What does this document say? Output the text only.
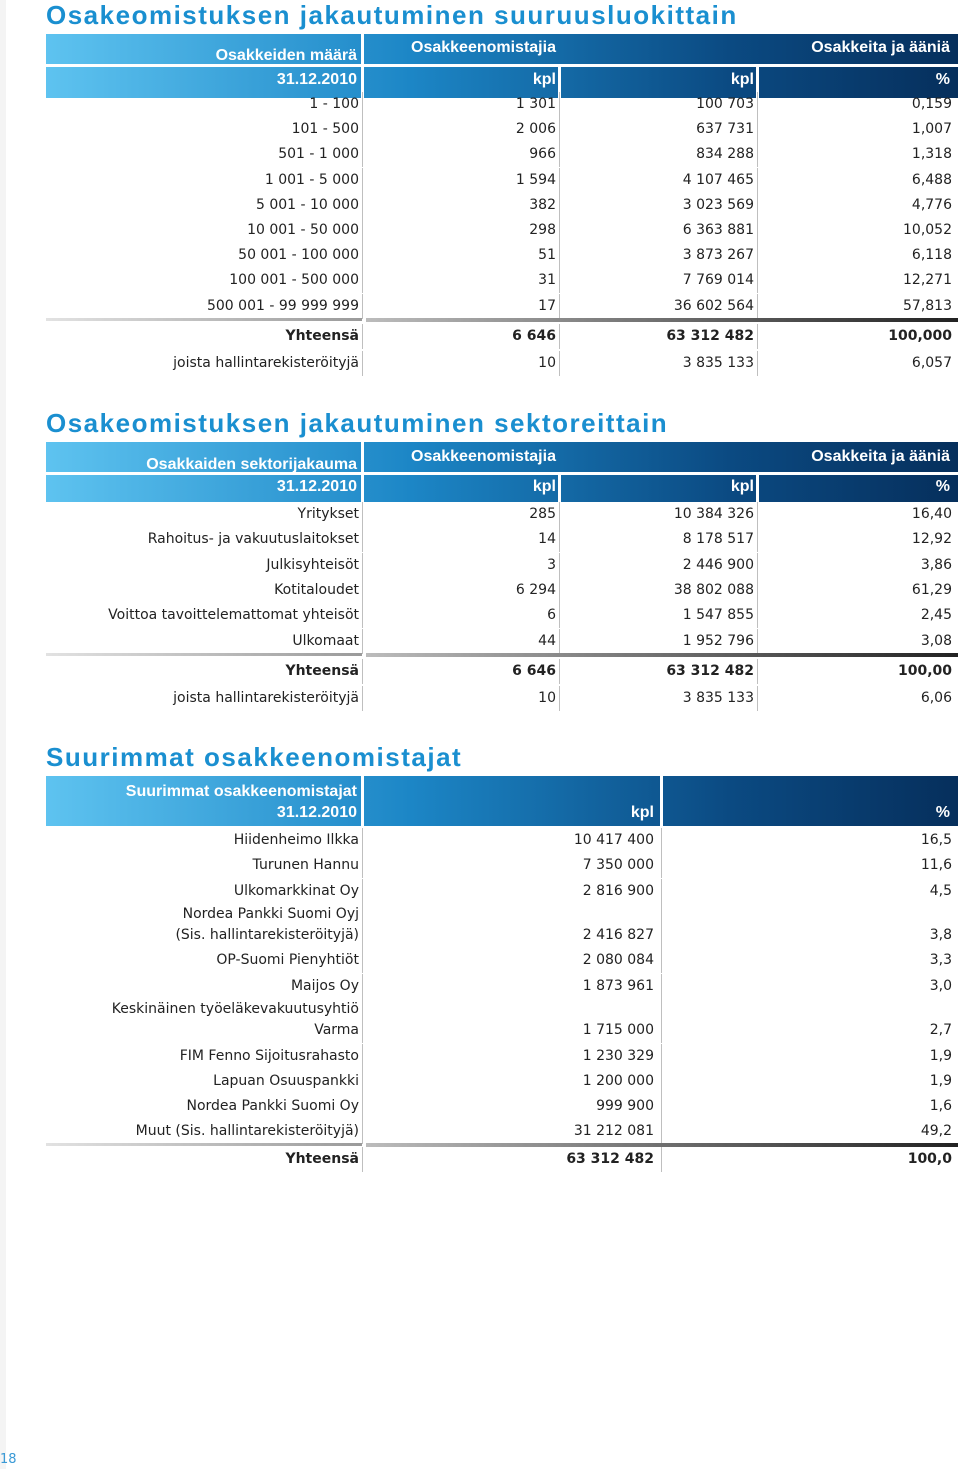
Osakeomistuksen jakautuminen suuruusluokittain
Osakkeiden määrä
31.12.2010
Osakkeenomistajia
kpl
Osakkeita ja ääniä
kpl	%
1 - 100	1 301	100 703	0,159
101 - 500	2 006	637 731	1,007
501 - 1 000	966	834 288	1,318
1 001 - 5 000	1 594	4 107 465	6,488
5 001 - 10 000	382	3 023 569	4,776
10 001 - 50 000	298	6 363 881	10,052
50 001 - 100 000	51	3 873 267	6,118
100 001 - 500 000	31	7 769 014	12,271
500 001 - 99 999 999	17	36 602 564	57,813
Yhteensä	6 646	63 312 482	100,000
joista hallintarekisteröityjä	10	3 835 133	6,057
Osakeomistuksen jakautuminen sektoreittain
Osakkaiden sektorijakauma
31.12.2010
Osakkeenomistajia
kpl
Osakkeita ja ääniä
kpl	%
Yritykset	285	10 384 326	16,40
Rahoitus- ja vakuutuslaitokset	14	8 178 517	12,92
Julkisyhteisöt	3	2 446 900	3,86
Kotitaloudet	6 294	38 802 088	61,29
Voittoa tavoittelemattomat yhteisöt	6	1 547 855	2,45
Ulkomaat	44	1 952 796	3,08
Yhteensä	6 646	63 312 482	100,00
joista hallintarekisteröityjä	10	3 835 133	6,06
Suurimmat osakkeenomistajat
Suurimmat osakkeenomistajat
31.12.2010	kpl	%
Hiidenheimo Ilkka	10 417 400	16,5
Turunen Hannu	7 350 000	11,6
Ulkomarkkinat Oy	2 816 900	4,5
Nordea Pankki Suomi Oyj
(Sis. hallintarekisteröityjä)	2 416 827	3,8
OP-Suomi Pienyhtiöt	2 080 084	3,3
Maijos Oy	1 873 961	3,0
Keskinäinen työeläkevakuutusyhtiö
Varma	1 715 000	2,7
FIM Fenno Sijoitusrahasto	1 230 329	1,9
Lapuan Osuuspankki	1 200 000	1,9
Nordea Pankki Suomi Oy	999 900	1,6
Muut (Sis. hallintarekisteröityjä)	31 212 081	49,2
Yhteensä	63 312 482	100,0
18
